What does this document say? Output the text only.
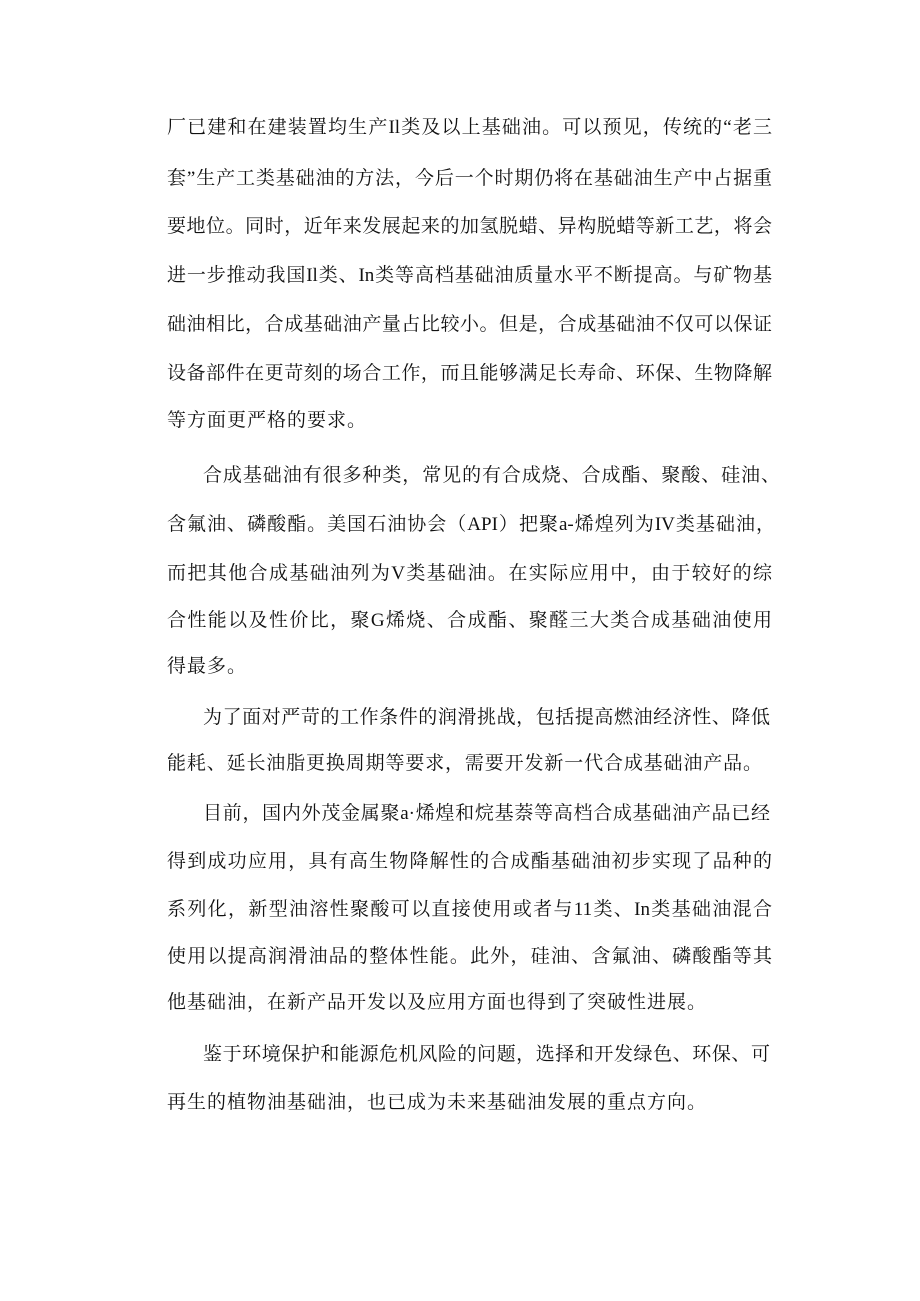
厂已建和在建装置均生产Il类及以上基础油。可以预见，传统的“老三
套”生产工类基础油的方法，今后一个时期仍将在基础油生产中占据重
要地位。同时，近年来发展起来的加氢脱蜡、异构脱蜡等新工艺，将会
进一步推动我国Il类、In类等高档基础油质量水平不断提高。与矿物基
础油相比，合成基础油产量占比较小。但是，合成基础油不仅可以保证
设备部件在更苛刻的场合工作，而且能够满足长寿命、环保、生物降解
等方面更严格的要求。
合成基础油有很多种类，常见的有合成烧、合成酯、聚酸、硅油、
含氟油、磷酸酯。美国石油协会（API）把聚a-烯煌列为IV类基础油，
而把其他合成基础油列为V类基础油。在实际应用中，由于较好的综
合性能以及性价比，聚G烯烧、合成酯、聚醛三大类合成基础油使用
得最多。
为了面对严苛的工作条件的润滑挑战，包括提高燃油经济性、降低
能耗、延长油脂更换周期等要求，需要开发新一代合成基础油产品。
目前，国内外茂金属聚a·烯煌和烷基萘等高档合成基础油产品已经
得到成功应用，具有高生物降解性的合成酯基础油初步实现了品种的
系列化，新型油溶性聚酸可以直接使用或者与11类、In类基础油混合
使用以提高润滑油品的整体性能。此外，硅油、含氟油、磷酸酯等其
他基础油，在新产品开发以及应用方面也得到了突破性进展。
鉴于环境保护和能源危机风险的问题，选择和开发绿色、环保、可
再生的植物油基础油，也已成为未来基础油发展的重点方向。
